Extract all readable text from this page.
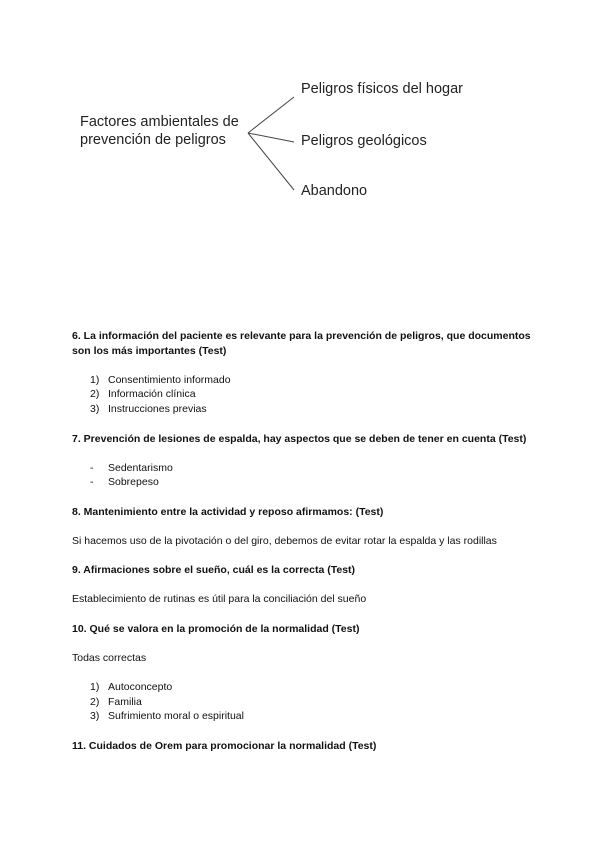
Factores ambientales de
prevención de peligros
Peligros físicos del hogar
Peligros geológicos
Abandono
6. La información del paciente es relevante para la prevención de peligros, que documentos son los más importantes (Test)
1) Consentimiento informado
2) Información clínica
3) Instrucciones previas
7. Prevención de lesiones de espalda, hay aspectos que se deben de tener en cuenta (Test)
-	Sedentarismo
-	Sobrepeso
8. Mantenimiento entre la actividad y reposo afirmamos: (Test)
Si hacemos uso de la pivotación o del giro, debemos de evitar rotar la espalda y las rodillas
9. Afirmaciones sobre el sueño, cuál es la correcta (Test)
Establecimiento de rutinas es útil para la conciliación del sueño
10. Qué se valora en la promoción de la normalidad (Test)
Todas correctas
1) Autoconcepto
2) Familia
3) Sufrimiento moral o espiritual
11. Cuidados de Orem para promocionar la normalidad (Test)
